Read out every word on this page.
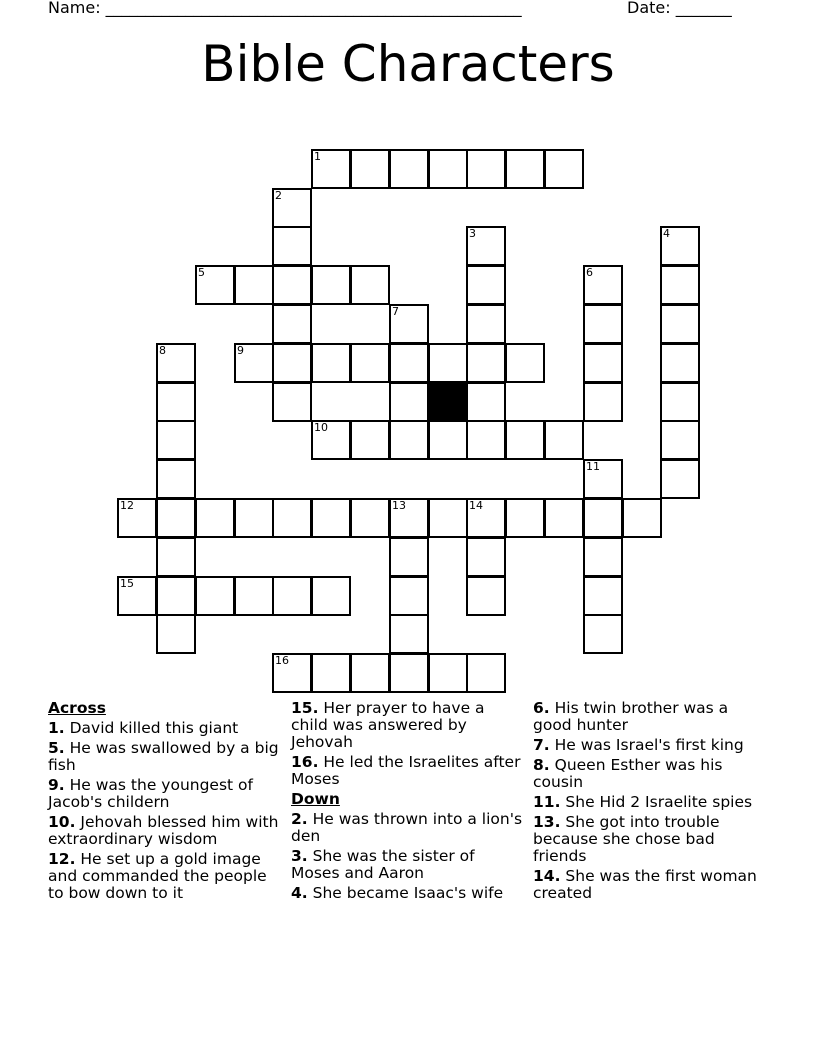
Name: ____________________________________________________	Date: _______
Bible Characters
1
2
3	4
5	6
7
8	9
10
11
12	13	14
15
16
Across
1. David killed this giant
5. He was swallowed by a big fish
9. He was the youngest of Jacob's childern
10. Jehovah blessed him with extraordinary wisdom
12. He set up a gold image and commanded the people to bow down to it
15. Her prayer to have a child was answered by Jehovah
16. He led the Israelites after Moses
Down
2. He was thrown into a lion's den
3. She was the sister of Moses and Aaron
4. She became Isaac's wife
6. His twin brother was a good hunter
7. He was Israel's first king
8. Queen Esther was his cousin
11. She Hid 2 Israelite spies
13. She got into trouble because she chose bad friends
14. She was the first woman created
